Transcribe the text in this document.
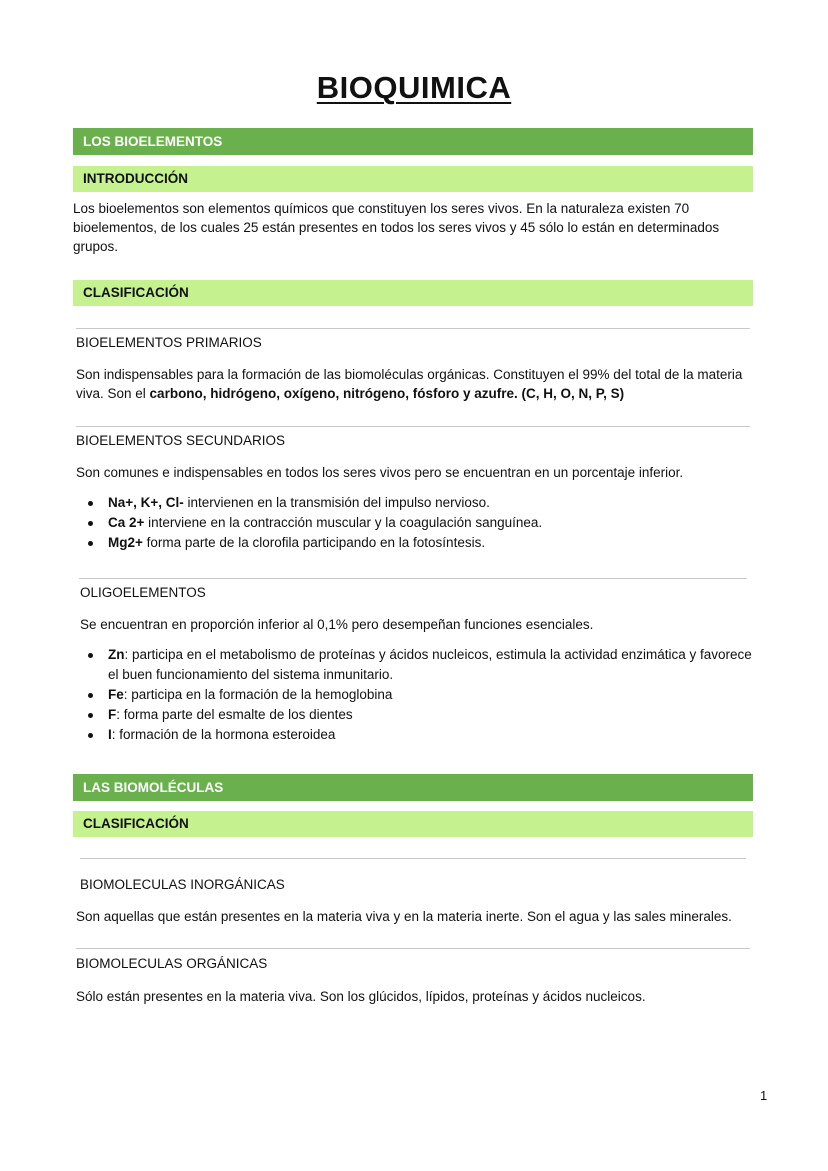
BIOQUIMICA
LOS BIOELEMENTOS
INTRODUCCIÓN
Los bioelementos son elementos químicos que constituyen los seres vivos. En la naturaleza existen 70 bioelementos, de los cuales 25 están presentes en todos los seres vivos y 45 sólo lo están en determinados grupos.
CLASIFICACIÓN
BIOELEMENTOS PRIMARIOS
Son indispensables para la formación de las biomoléculas orgánicas. Constituyen el 99% del total de la materia viva. Son el carbono, hidrógeno, oxígeno, nitrógeno, fósforo y azufre. (C, H, O, N, P, S)
BIOELEMENTOS SECUNDARIOS
Son comunes e indispensables en todos los seres vivos pero se encuentran en un porcentaje inferior.
Na+, K+, Cl- intervienen en la transmisión del impulso nervioso.
Ca 2+ interviene en la contracción muscular y la coagulación sanguínea.
Mg2+ forma parte de la clorofila participando en la fotosíntesis.
OLIGOELEMENTOS
Se encuentran en proporción inferior al 0,1% pero desempeñan funciones esenciales.
Zn: participa en el metabolismo de proteínas y ácidos nucleicos, estimula la actividad enzimática y favorece el buen funcionamiento del sistema inmunitario.
Fe: participa en la formación de la hemoglobina
F: forma parte del esmalte de los dientes
I: formación de la hormona esteroidea
LAS BIOMOLÉCULAS
CLASIFICACIÓN
BIOMOLECULAS INORGÁNICAS
Son aquellas que están presentes en la materia viva y en la materia inerte. Son el agua y las sales minerales.
BIOMOLECULAS ORGÁNICAS
Sólo están presentes en la materia viva. Son los glúcidos, lípidos, proteínas y ácidos nucleicos.
1
